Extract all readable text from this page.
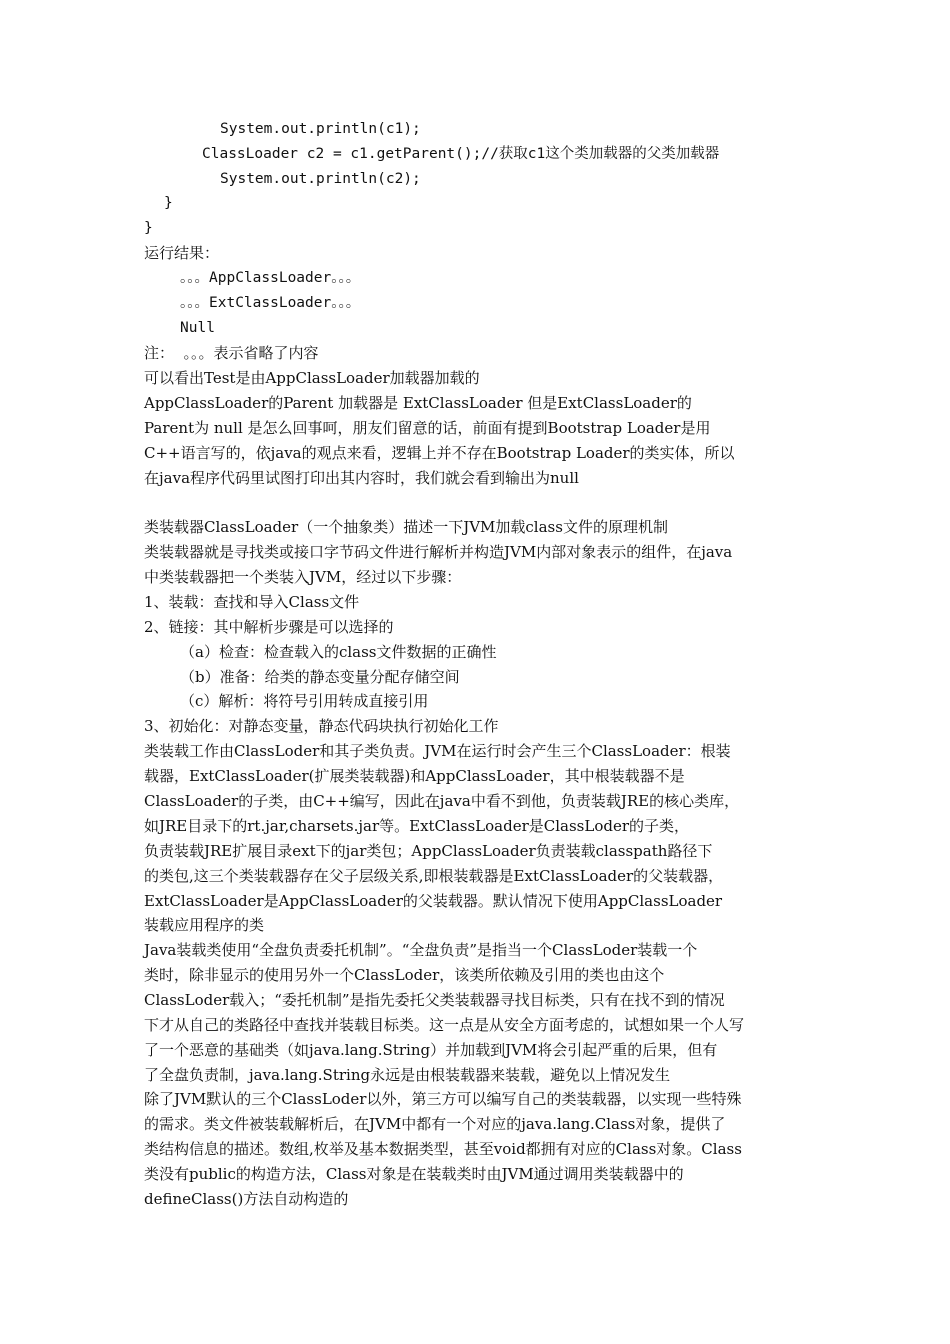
System.out.println(c1);
ClassLoader c2 = c1.getParent();//获取c1这个类加载器的父类加载器
System.out.println(c2);
}
}
运行结果：
。。。AppClassLoader。。。
。。。ExtClassLoader。。。
Null
注：  。。。表示省略了内容
可以看出Test是由AppClassLoader加载器加载的
AppClassLoader的Parent 加载器是 ExtClassLoader 但是ExtClassLoader的
Parent为 null 是怎么回事呵，朋友们留意的话，前面有提到Bootstrap Loader是用
C++语言写的，依java的观点来看，逻辑上并不存在Bootstrap Loader的类实体，所以
在java程序代码里试图打印出其内容时，我们就会看到输出为null
类装载器ClassLoader（一个抽象类）描述一下JVM加载class文件的原理机制
类装载器就是寻找类或接口字节码文件进行解析并构造JVM内部对象表示的组件，在java
中类装载器把一个类装入JVM，经过以下步骤：
1、装载：查找和导入Class文件
2、链接：其中解析步骤是可以选择的
（a）检查：检查载入的class文件数据的正确性
（b）准备：给类的静态变量分配存储空间
（c）解析：将符号引用转成直接引用
3、初始化：对静态变量，静态代码块执行初始化工作
类装载工作由ClassLoder和其子类负责。JVM在运行时会产生三个ClassLoader：根装
载器，ExtClassLoader(扩展类装载器)和AppClassLoader，其中根装载器不是
ClassLoader的子类，由C++编写，因此在java中看不到他，负责装载JRE的核心类库，
如JRE目录下的rt.jar,charsets.jar等。ExtClassLoader是ClassLoder的子类，
负责装载JRE扩展目录ext下的jar类包；AppClassLoader负责装载classpath路径下
的类包,这三个类装载器存在父子层级关系,即根装载器是ExtClassLoader的父装载器，
ExtClassLoader是AppClassLoader的父装载器。默认情况下使用AppClassLoader
装载应用程序的类
Java装载类使用“全盘负责委托机制”。“全盘负责”是指当一个ClassLoder装载一个
类时，除非显示的使用另外一个ClassLoder，该类所依赖及引用的类也由这个
ClassLoder载入；“委托机制”是指先委托父类装载器寻找目标类，只有在找不到的情况
下才从自己的类路径中查找并装载目标类。这一点是从安全方面考虑的，试想如果一个人写
了一个恶意的基础类（如java.lang.String）并加载到JVM将会引起严重的后果，但有
了全盘负责制，java.lang.String永远是由根装载器来装载，避免以上情况发生
除了JVM默认的三个ClassLoder以外，第三方可以编写自己的类装载器，以实现一些特殊
的需求。类文件被装载解析后，在JVM中都有一个对应的java.lang.Class对象，提供了
类结构信息的描述。数组,枚举及基本数据类型，甚至void都拥有对应的Class对象。Class
类没有public的构造方法，Class对象是在装载类时由JVM通过调用类装载器中的
defineClass()方法自动构造的
